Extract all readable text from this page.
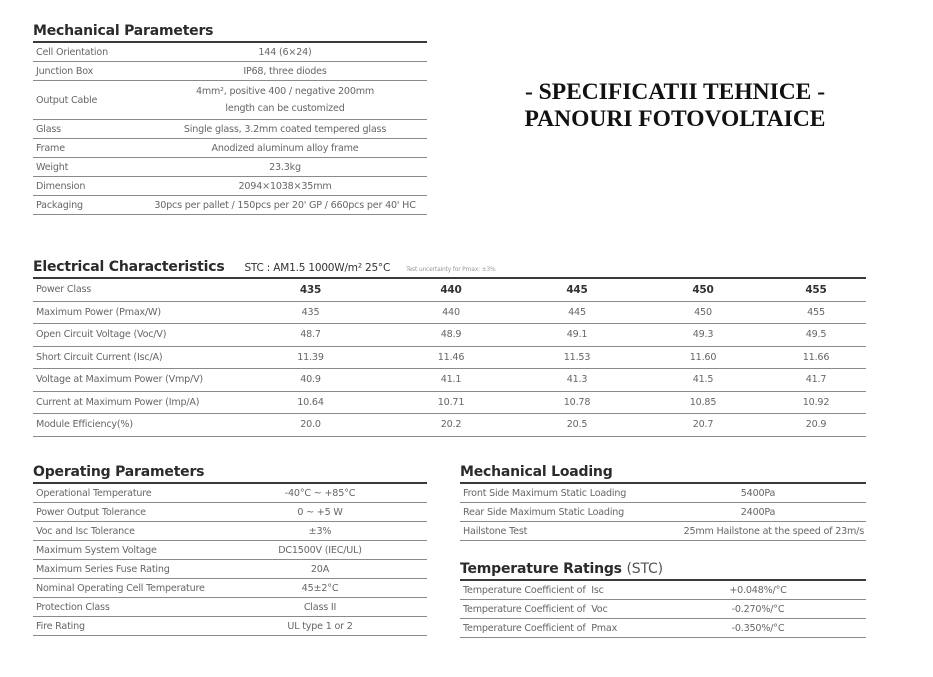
Mechanical Parameters
Cell Orientation	144 (6×24)
Junction Box	IP68, three diodes
Output Cable	4mm², positive 400 / negative 200mm
length can be customized

Glass	Single glass, 3.2mm coated tempered glass
Frame	Anodized aluminum alloy frame
Weight	23.3kg
Dimension	2094×1038×35mm
Packaging	30pcs per pallet / 150pcs per 20' GP / 660pcs per 40' HC
- SPECIFICATII TEHNICE -
PANOURI FOTOVOLTAICE
Electrical Characteristics STC : AM1.5 1000W/m² 25°C	Test uncertainty for Pmax: ±3%
Power Class	435	440	445	450	455
Maximum Power (Pmax/W)	435	440	445	450	455
Open Circuit Voltage (Voc/V)	48.7	48.9	49.1	49.3	49.5
Short Circuit Current (Isc/A)	11.39	11.46	11.53	11.60	11.66
Voltage at Maximum Power (Vmp/V)	40.9	41.1	41.3	41.5	41.7
Current at Maximum Power (Imp/A)	10.64	10.71	10.78	10.85	10.92
Module Efficiency(%)	20.0	20.2	20.5	20.7	20.9
Operating Parameters
Operational Temperature	-40°C ~ +85°C
Power Output Tolerance	0 ~ +5 W
Voc and Isc Tolerance	±3%
Maximum System Voltage	DC1500V (IEC/UL)
Maximum Series Fuse Rating	20A
Nominal Operating Cell Temperature	45±2°C
Protection Class	Class II
Fire Rating	UL type 1 or 2
Mechanical Loading
Front Side Maximum Static Loading	5400Pa
Rear Side Maximum Static Loading	2400Pa
Hailstone Test	25mm Hailstone at the speed of 23m/s
Temperature Ratings (STC)
Temperature Coefficient of  Isc	+0.048%/°C
Temperature Coefficient of  Voc	-0.270%/°C
Temperature Coefficient of  Pmax	-0.350%/°C
